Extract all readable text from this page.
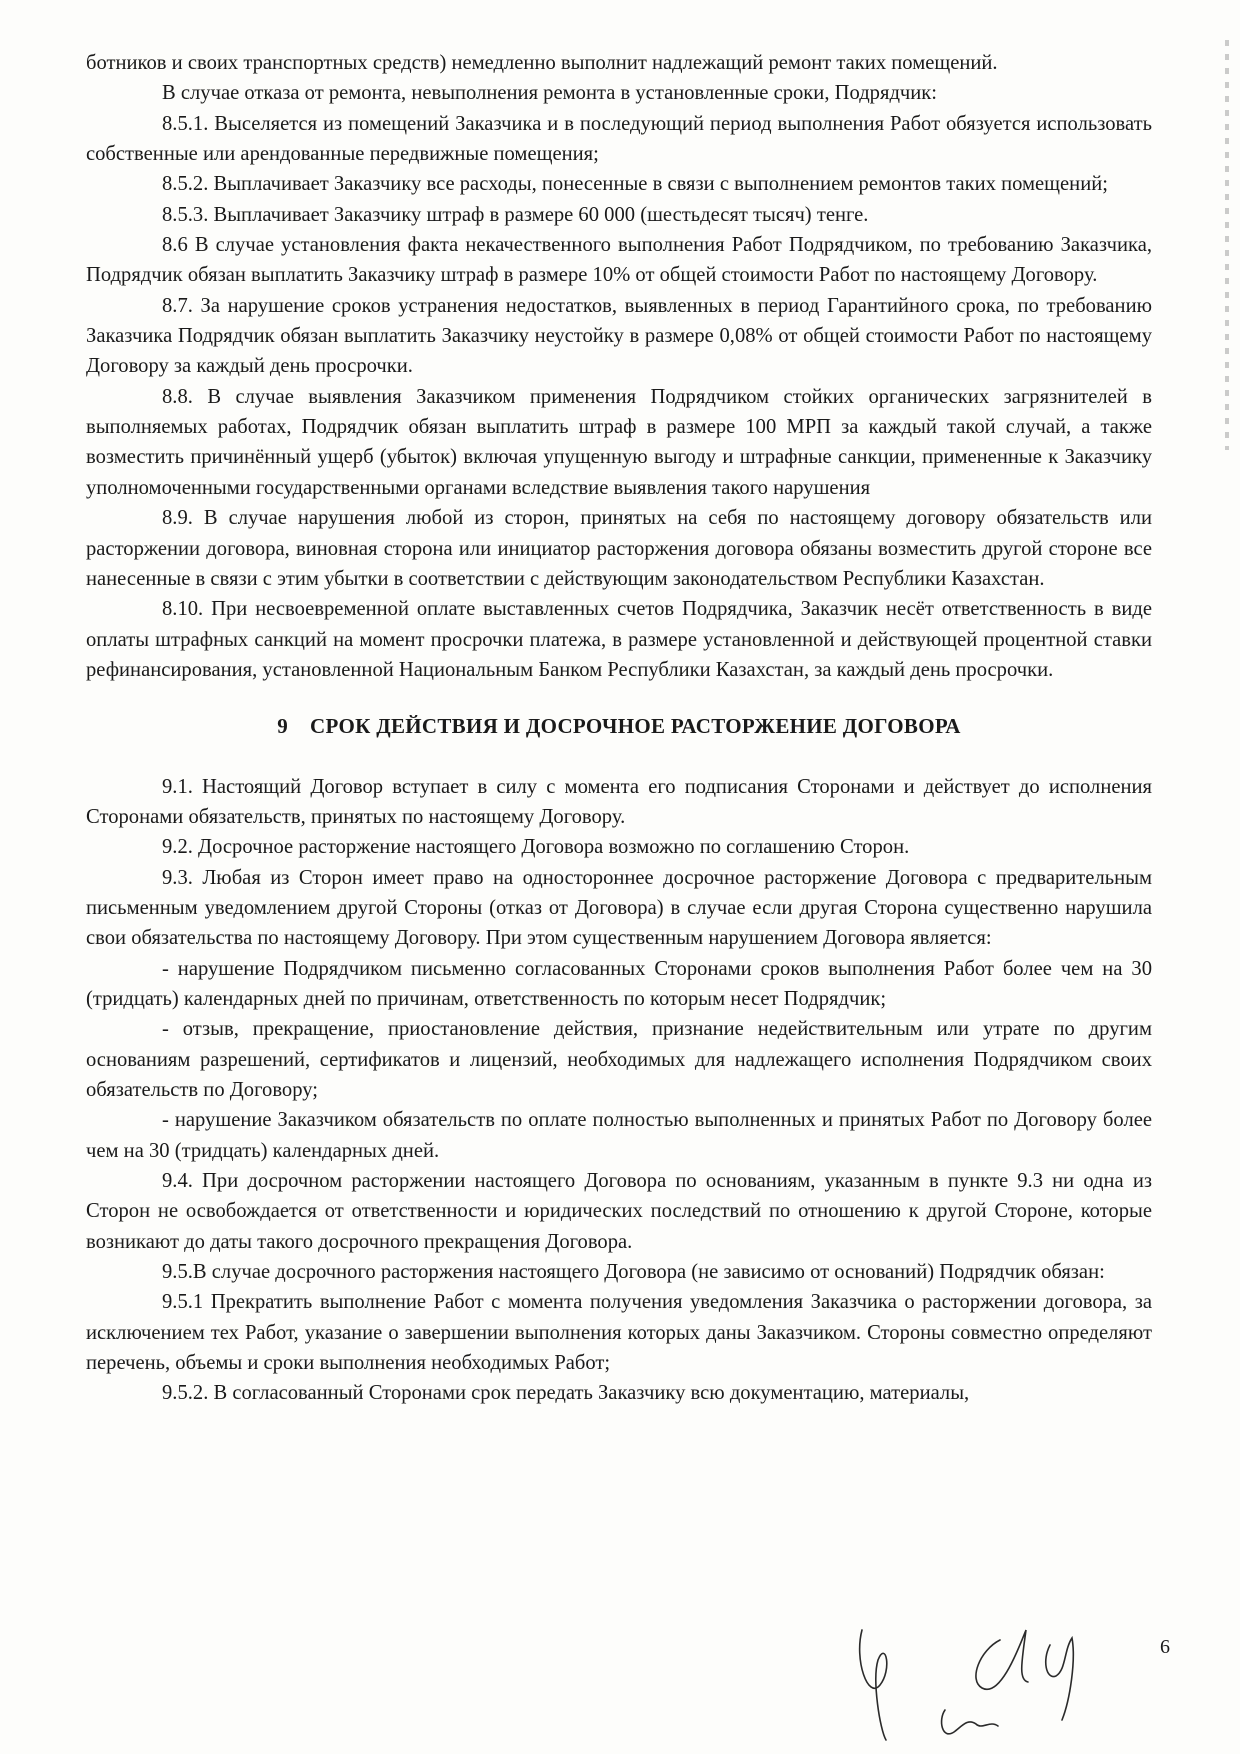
ботников и своих транспортных средств) немедленно выполнит надлежащий ремонт таких помещений.

В случае отказа от ремонта, невыполнения ремонта в установленные сроки, Подрядчик:

8.5.1. Выселяется из помещений Заказчика и в последующий период выполнения Работ обязуется использовать собственные или арендованные передвижные помещения;

8.5.2. Выплачивает Заказчику все расходы, понесенные в связи с выполнением ремонтов таких помещений;

8.5.3. Выплачивает Заказчику штраф в размере 60 000 (шестьдесят тысяч) тенге.

8.6 В случае установления факта некачественного выполнения Работ Подрядчиком, по требованию Заказчика, Подрядчик обязан выплатить Заказчику штраф в размере 10% от общей стоимости Работ по настоящему Договору.

8.7. За нарушение сроков устранения недостатков, выявленных в период Гарантийного срока, по требованию Заказчика Подрядчик обязан выплатить Заказчику неустойку в размере 0,08% от общей стоимости Работ по настоящему Договору за каждый день просрочки.

8.8. В случае выявления Заказчиком применения Подрядчиком стойких органических загрязнителей в выполняемых работах, Подрядчик обязан выплатить штраф в размере 100 МРП за каждый такой случай, а также возместить причинённый ущерб (убыток) включая упущенную выгоду и штрафные санкции, примененные к Заказчику уполномоченными государственными органами вследствие выявления такого нарушения

8.9. В случае нарушения любой из сторон, принятых на себя по настоящему договору обязательств или расторжении договора, виновная сторона или инициатор расторжения договора обязаны возместить другой стороне все нанесенные в связи с этим убытки в соответствии с действующим законодательством Республики Казахстан.

8.10. При несвоевременной оплате выставленных счетов Подрядчика, Заказчик несёт ответственность в виде оплаты штрафных санкций на момент просрочки платежа, в размере установленной и действующей процентной ставки рефинансирования, установленной Национальным Банком Республики Казахстан, за каждый день просрочки.

9 СРОК ДЕЙСТВИЯ И ДОСРОЧНОЕ РАСТОРЖЕНИЕ ДОГОВОРА

9.1. Настоящий Договор вступает в силу с момента его подписания Сторонами и действует до исполнения Сторонами обязательств, принятых по настоящему Договору.

9.2. Досрочное расторжение настоящего Договора возможно по соглашению Сторон.

9.3. Любая из Сторон имеет право на одностороннее досрочное расторжение Договора с предварительным письменным уведомлением другой Стороны (отказ от Договора) в случае если другая Сторона существенно нарушила свои обязательства по настоящему Договору. При этом существенным нарушением Договора является:

- нарушение Подрядчиком письменно согласованных Сторонами сроков выполнения Работ более чем на 30 (тридцать) календарных дней по причинам, ответственность по которым несет Подрядчик;

- отзыв, прекращение, приостановление действия, признание недействительным или утрате по другим основаниям разрешений, сертификатов и лицензий, необходимых для надлежащего исполнения Подрядчиком своих обязательств по Договору;

- нарушение Заказчиком обязательств по оплате полностью выполненных и принятых Работ по Договору более чем на 30 (тридцать) календарных дней.

9.4. При досрочном расторжении настоящего Договора по основаниям, указанным в пункте 9.3 ни одна из Сторон не освобождается от ответственности и юридических последствий по отношению к другой Стороне, которые возникают до даты такого досрочного прекращения Договора.

9.5.В случае досрочного расторжения настоящего Договора (не зависимо от оснований) Подрядчик обязан:

9.5.1 Прекратить выполнение Работ с момента получения уведомления Заказчика о расторжении договора, за исключением тех Работ, указание о завершении выполнения которых даны Заказчиком. Стороны совместно определяют перечень, объемы и сроки выполнения необходимых Работ;

9.5.2. В согласованный Сторонами срок передать Заказчику всю документацию, материалы,

6
